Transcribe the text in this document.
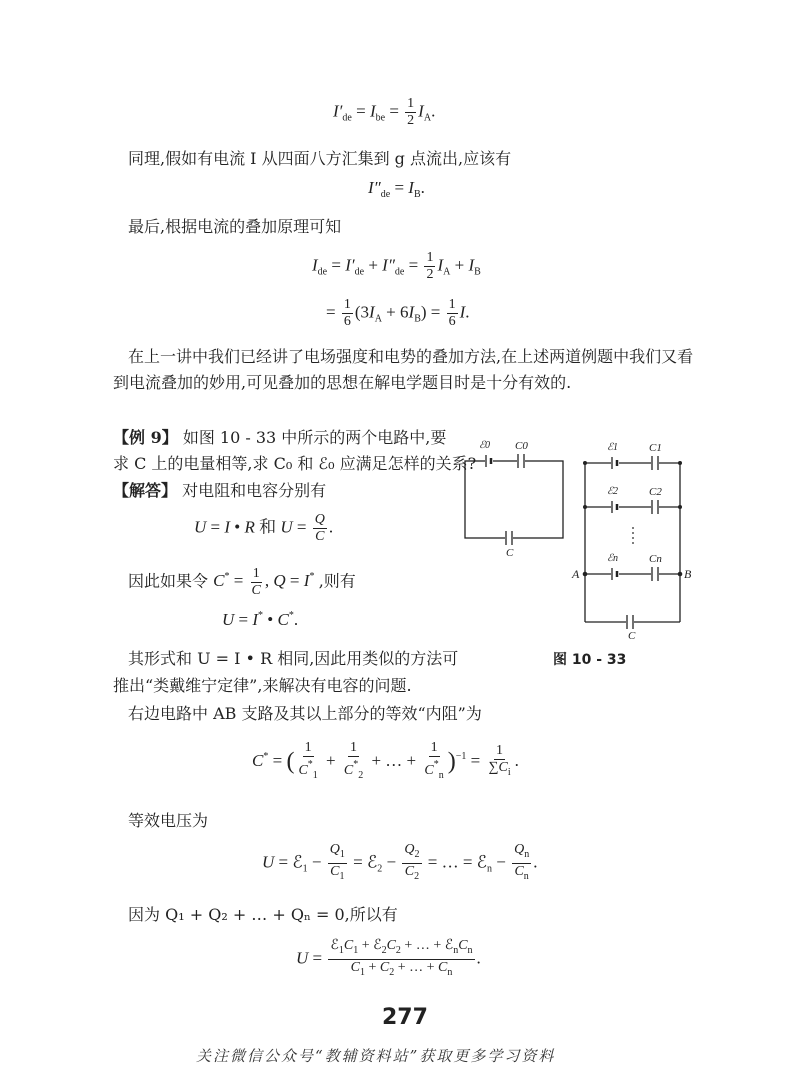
$I'_{de} = I_{be} = \frac{1}{2} I_A$.
同理,假如有电流 I 从四面八方汇集到 g 点流出,应该有
$I''_{de} = I_B$.
最后,根据电流的叠加原理可知
$I_{de} = I'_{de} + I''_{de} = \frac{1}{2} I_A + I_B$
= $\frac{1}{6} (3I_A + 6I_B) = \frac{1}{6} I$.
在上一讲中我们已经讲了电场强度和电势的叠加方法,在上述两道例题中我们又看
到电流叠加的妙用,可见叠加的思想在解电学题目时是十分有效的.
【例 9】 如图 10 - 33 中所示的两个电路中,要
求 C 上的电量相等,求 C₀ 和 ℰ₀ 应满足怎样的关系?
【解答】 对电阻和电容分别有
U = I • R 和 $U = \frac{Q}{C}$ .
因此如果令 $C^* = \frac{1}{C}$ , Q = I* ,则有
U = I* • C*.
其形式和 U = I • R 相同,因此用类似的方法可
推出“类戴维宁定律”,来解决有电容的问题.
ℰ0 C0
C
ℰ1	C1
ℰ2	C2
ℰn	Cn
A	B
C
图 10 - 33
右边电路中 AB 支路及其以上部分的等效“内阻”为
C* = ( $\frac{1}{C^*_1} + \frac{1}{C^*_2}$ + … + $\frac{1}{C^*_n} )^{-1} = \frac{1}{\sum C_i}$ .
等效电压为
U = ℰ$_1$ − $\frac{Q_1}{C_1}$ = ℰ$_2$ − $\frac{Q_2}{C_2}$ = … = ℰ$_n$ − $\frac{Q_n}{C_n}$ .
因为 Q₁ + Q₂ + … + Qₙ = 0,所以有
$U = \frac{ℰ_1C_1 + ℰ_2C_2 + \dots + ℰ_nC_n}{C_1 + C_2 + \dots + C_n}$ .
277
关注微信公众号“教辅资料站”获取更多学习资料
